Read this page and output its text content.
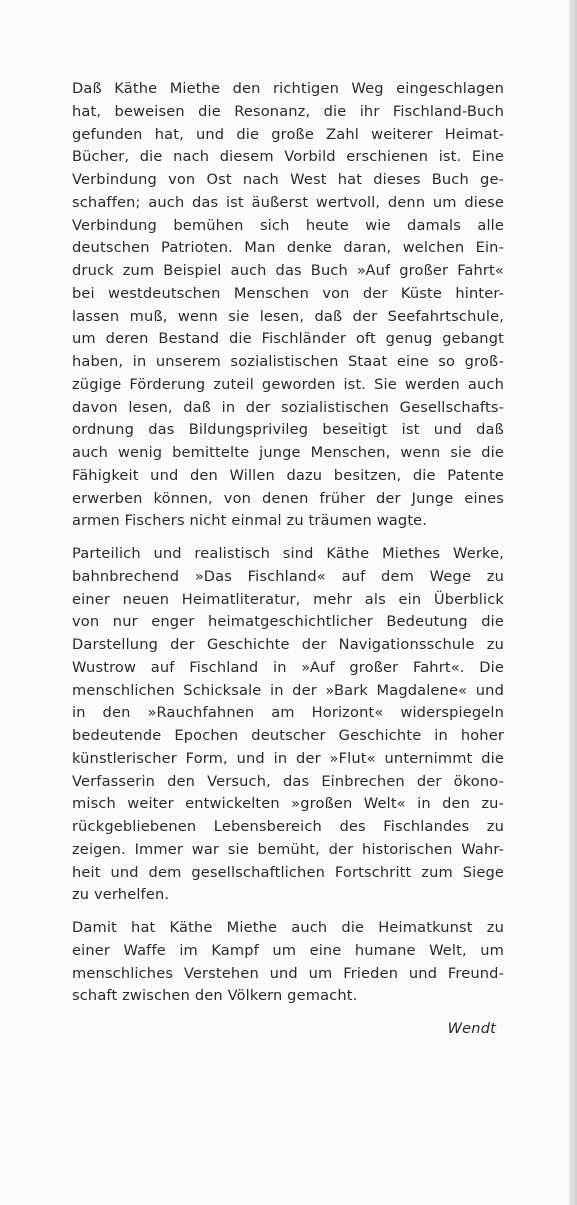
Daß Käthe Miethe den richtigen Weg eingeschlagen
hat, beweisen die Resonanz, die ihr Fischland-Buch
gefunden hat, und die große Zahl weiterer Heimat-
Bücher, die nach diesem Vorbild erschienen ist. Eine
Verbindung von Ost nach West hat dieses Buch ge-
schaffen; auch das ist äußerst wertvoll, denn um diese
Verbindung bemühen sich heute wie damals alle
deutschen Patrioten. Man denke daran, welchen Ein-
druck zum Beispiel auch das Buch »Auf großer Fahrt«
bei westdeutschen Menschen von der Küste hinter-
lassen muß, wenn sie lesen, daß der Seefahrtschule,
um deren Bestand die Fischländer oft genug gebangt
haben, in unserem sozialistischen Staat eine so groß-
zügige Förderung zuteil geworden ist. Sie werden auch
davon lesen, daß in der sozialistischen Gesellschafts-
ordnung das Bildungsprivileg beseitigt ist und daß
auch wenig bemittelte junge Menschen, wenn sie die
Fähigkeit und den Willen dazu besitzen, die Patente
erwerben können, von denen früher der Junge eines
armen Fischers nicht einmal zu träumen wagte.
Parteilich und realistisch sind Käthe Miethes Werke,
bahnbrechend »Das Fischland« auf dem Wege zu
einer neuen Heimatliteratur, mehr als ein Überblick
von nur enger heimatgeschichtlicher Bedeutung die
Darstellung der Geschichte der Navigationsschule zu
Wustrow auf Fischland in »Auf großer Fahrt«. Die
menschlichen Schicksale in der »Bark Magdalene« und
in den »Rauchfahnen am Horizont« widerspiegeln
bedeutende Epochen deutscher Geschichte in hoher
künstlerischer Form, und in der »Flut« unternimmt die
Verfasserin den Versuch, das Einbrechen der ökono-
misch weiter entwickelten »großen Welt« in den zu-
rückgebliebenen Lebensbereich des Fischlandes zu
zeigen. Immer war sie bemüht, der historischen Wahr-
heit und dem gesellschaftlichen Fortschritt zum Siege
zu verhelfen.
Damit hat Käthe Miethe auch die Heimatkunst zu
einer Waffe im Kampf um eine humane Welt, um
menschliches Verstehen und um Frieden und Freund-
schaft zwischen den Völkern gemacht.
Wendt
